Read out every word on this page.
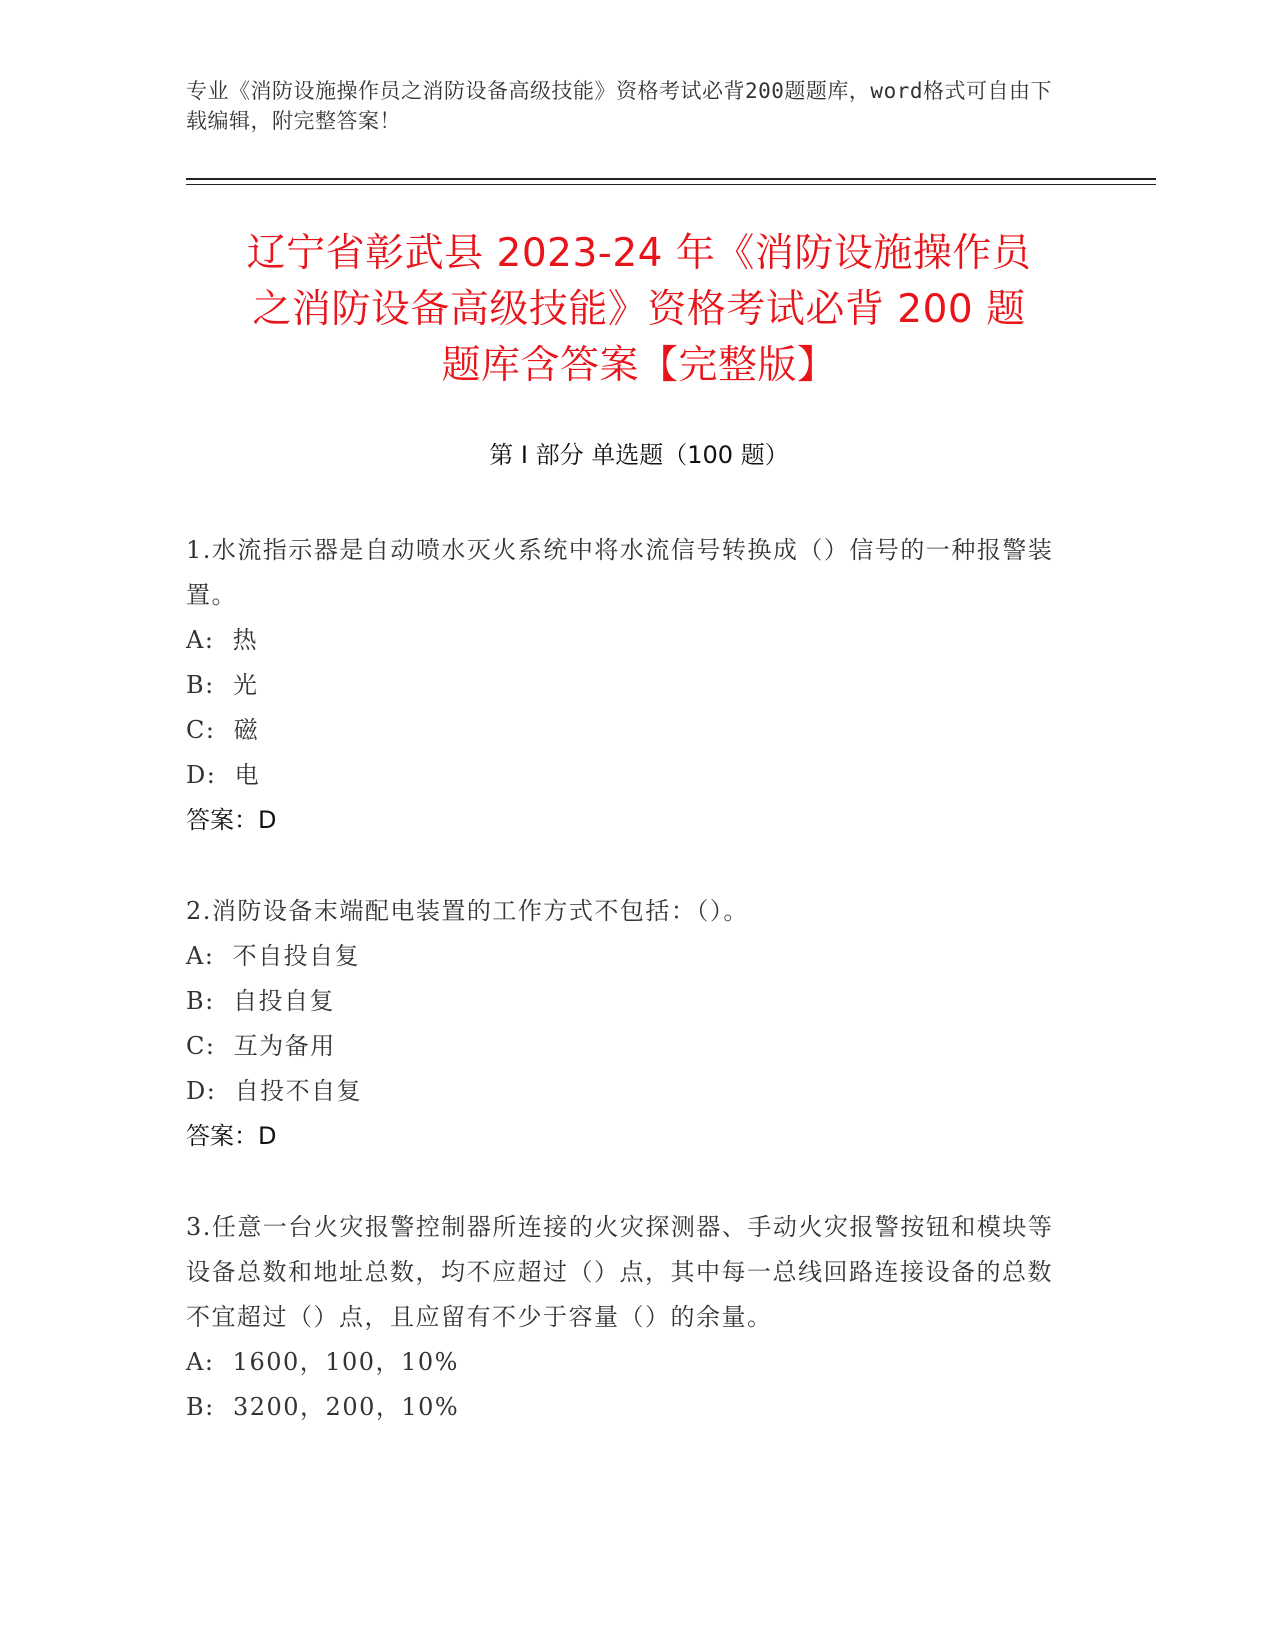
专业《消防设施操作员之消防设备高级技能》资格考试必背200题题库，word格式可自由下载编辑，附完整答案！
辽宁省彰武县 2023-24 年《消防设施操作员
之消防设备高级技能》资格考试必背 200 题
题库含答案【完整版】
第 I 部分 单选题（100 题）
1.水流指示器是自动喷水灭火系统中将水流信号转换成（）信号的一种报警装置。
A:  热
B:  光
C:  磁
D:  电
答案：D
2.消防设备末端配电装置的工作方式不包括：（）。
A:  不自投自复
B:  自投自复
C:  互为备用
D:  自投不自复
答案：D
3.任意一台火灾报警控制器所连接的火灾探测器、手动火灾报警按钮和模块等设备总数和地址总数，均不应超过（）点，其中每一总线回路连接设备的总数不宜超过（）点，且应留有不少于容量（）的余量。
A:  1600，100，10%
B:  3200，200，10%
